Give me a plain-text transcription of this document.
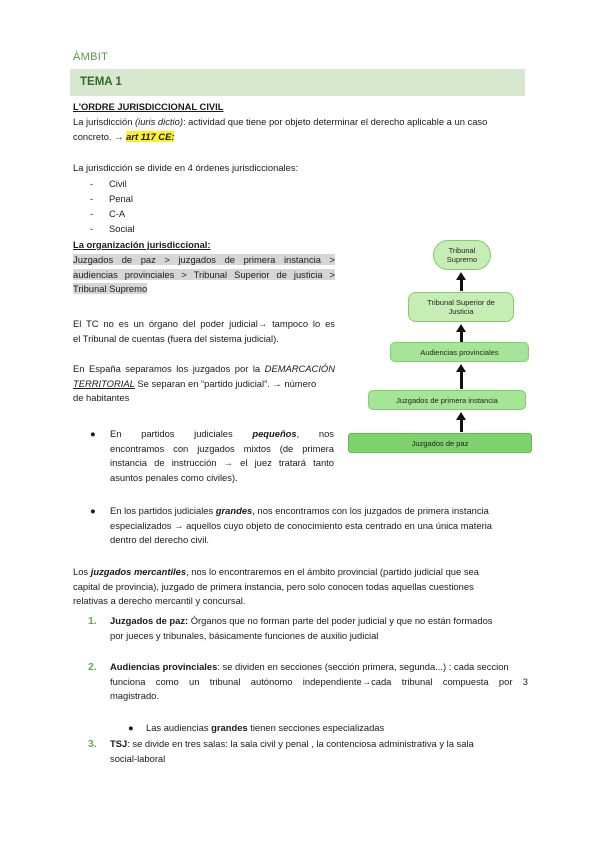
ÀMBIT
TEMA 1
L'ORDRE JURISDICCIONAL CIVIL
La jurisdicción (iuris dictio): actividad que tiene por objeto determinar el derecho aplicable a un caso
concreto. → art 117 CE:
La jurisdicción se divide en 4 órdenes jurisdiccionales:
- Civil
- Penal
- C-A
- Social
La organización jurisdiccional:
Juzgados de paz > juzgados de primera instancia >
audiencias provinciales > Tribunal Superior de justicia >
Tribunal Supremo
El TC no es un órgano del poder judicial→ tampoco lo es
el Tribunal de cuentas (fuera del sistema judicial).
En España separamos los juzgados por la DEMARCACIÓN
TERRITORIAL Se separan en “partido judicial”. → número
de habitantes
● En partidos judiciales pequeños, nos
encontramos con juzgados mixtos (de primera
instancia de instrucción → el juez tratará tanto
asuntos penales como civiles).
● En los partidos judiciales grandes, nos encontramos con los juzgados de primera instancia
especializados → aquellos cuyo objeto de conocimiento esta centrado en una única materia
dentro del derecho civil.
Los juzgados mercantiles, nos lo encontraremos en el ámbito provincial (partido judicial que sea
capital de provincia), juzgado de primera instancia, pero solo conocen todas aquellas cuestiones
relativas a derecho mercantil y concursal.
1. Juzgados de paz: Órganos que no forman parte del poder judicial y que no están formados
por jueces y tribunales, básicamente funciones de auxilio judicial
2. Audiencias provinciales: se dividen en secciones (sección primera, segunda...) : cada seccion
funciona como un tribunal autónomo independiente→cada tribunal compuesta por 3
magistrado.
● Las audiencias grandes tienen secciones especializadas
3. TSJ: se divide en tres salas: la sala civil y penal , la contenciosa administrativa y la sala
social-laboral
Tribunal
Supremo
Tribunal Superior de
Justicia
Audiencias provinciales
Juzgados de primera instancia
Juzgados de paz
